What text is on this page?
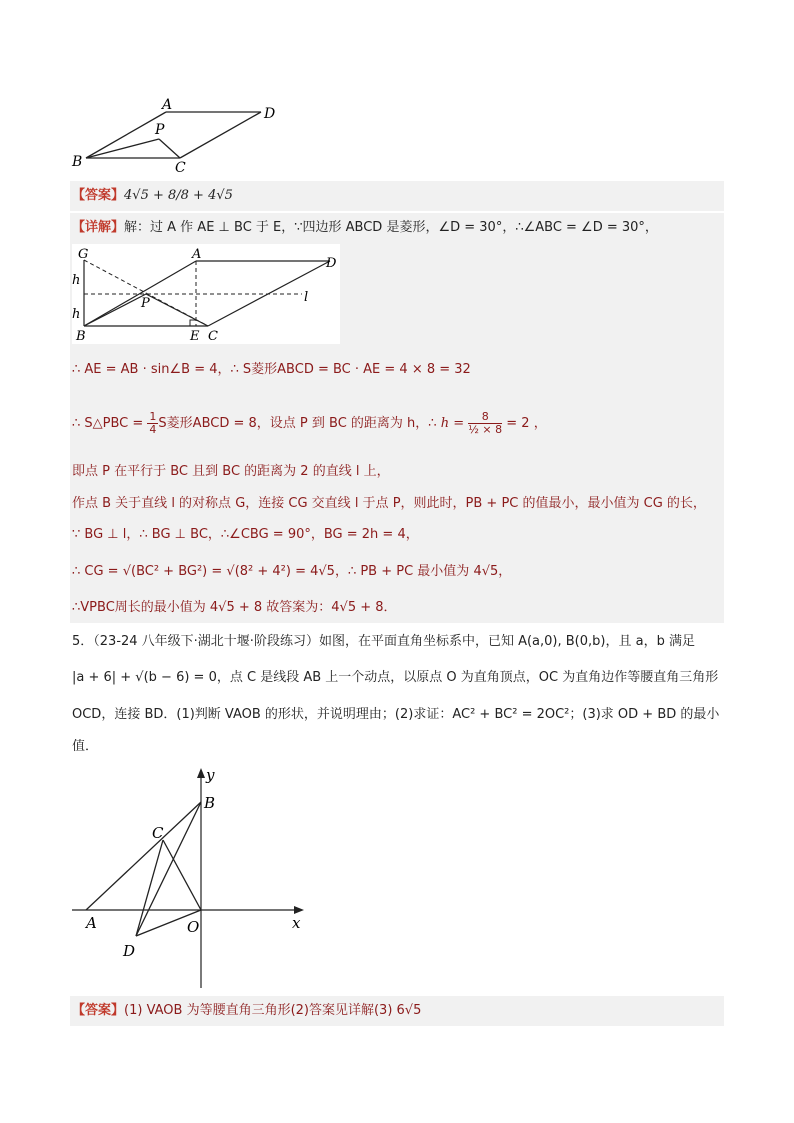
A
D
P
B	C
【答案】4√5 + 8/8 + 4√5
【详解】解：过 A 作 AE ⊥ BC 于 E，∵四边形 ABCD 是菱形，∠D = 30°，∴∠ABC = ∠D = 30°，
G	A
D
h
h
P	l
B	E C
∴ AE = AB · sin∠B = 4，∴ S菱形ABCD = BC · AE = 4 × 8 = 32
∴ S△PBC = $\frac{1}{4}S$菱形ABCD = 8，设点 P 到 BC 的距离为 h，∴ $h = \frac{8}{\text{½ × 8}} = 2$ ，
即点 P 在平行于 BC 且到 BC 的距离为 2 的直线 l 上，
作点 B 关于直线 l 的对称点 G，连接 CG 交直线 l 于点 P，则此时，PB + PC 的值最小，最小值为 CG 的长，
∵ BG ⊥ l，∴ BG ⊥ BC，∴∠CBG = 90°，BG = 2h = 4，
∴ CG = √(BC² + BG²) = √(8² + 4²) = 4√5，∴ PB + PC 最小值为 4√5，
∴VPBC周长的最小值为 4√5 + 8 故答案为：4√5 + 8．
5．（23-24 八年级下·湖北十堰·阶段练习）如图，在平面直角坐标系中，已知 A(a,0), B(0,b)，且 a，b 满足
|a + 6| + √(b − 6) = 0，点 C 是线段 AB 上一个动点，以原点 O 为直角顶点，OC 为直角边作等腰直角三角形
OCD，连接 BD．(1)判断 VAOB 的形状，并说明理由；(2)求证：AC² + BC² = 2OC²；(3)求 OD + BD 的最小
值．
y
x
B
C
A	O
D
【答案】(1) VAOB 为等腰直角三角形(2)答案见详解(3) 6√5
